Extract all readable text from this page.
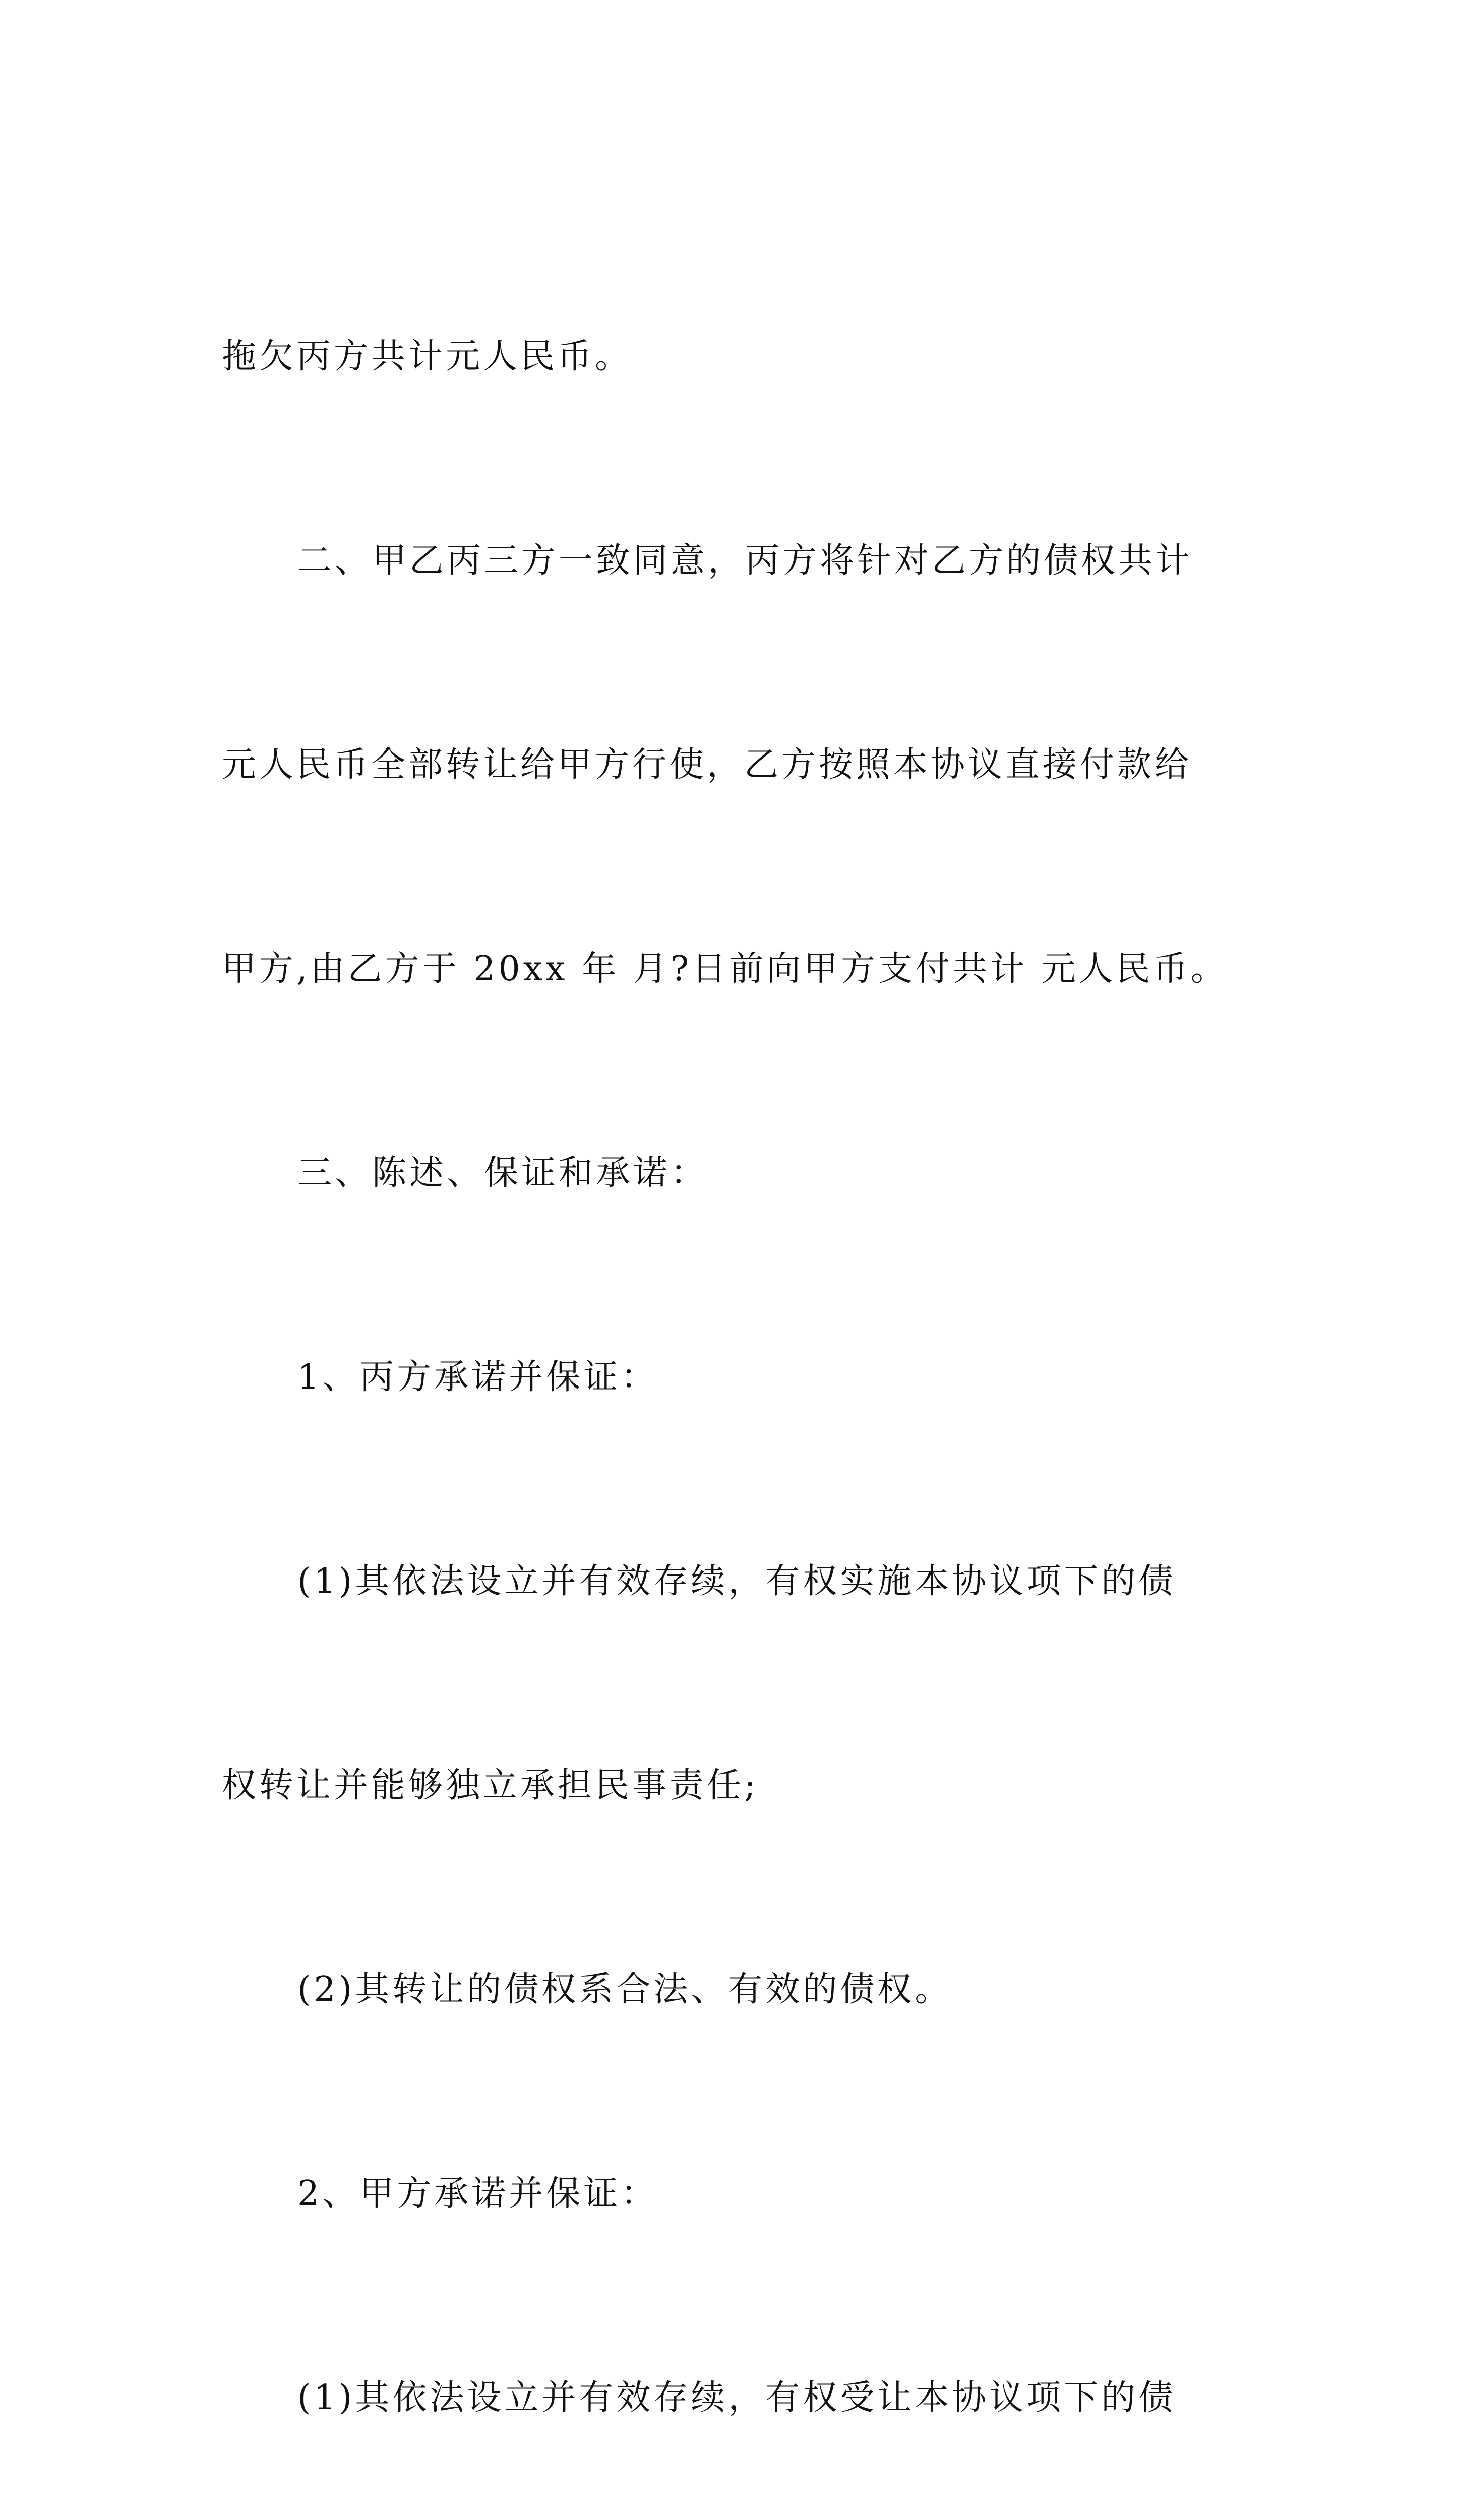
拖欠丙方共计元人民币。

二、甲乙丙三方一致同意，丙方将针对乙方的债权共计

元人民币全部转让给甲方行使，乙方按照本协议直接付款给

甲方,由乙方于 20xx 年 月?日前向甲方支付共计 元人民币。

三、陈述、保证和承诺：

1、丙方承诺并保证：

(1)其依法设立并有效存续，有权实施本协议项下的债

权转让并能够独立承担民事责任;

(2)其转让的债权系合法、有效的债权。

2、甲方承诺并保证：

(1)其依法设立并有效存续，有权受让本协议项下的债
